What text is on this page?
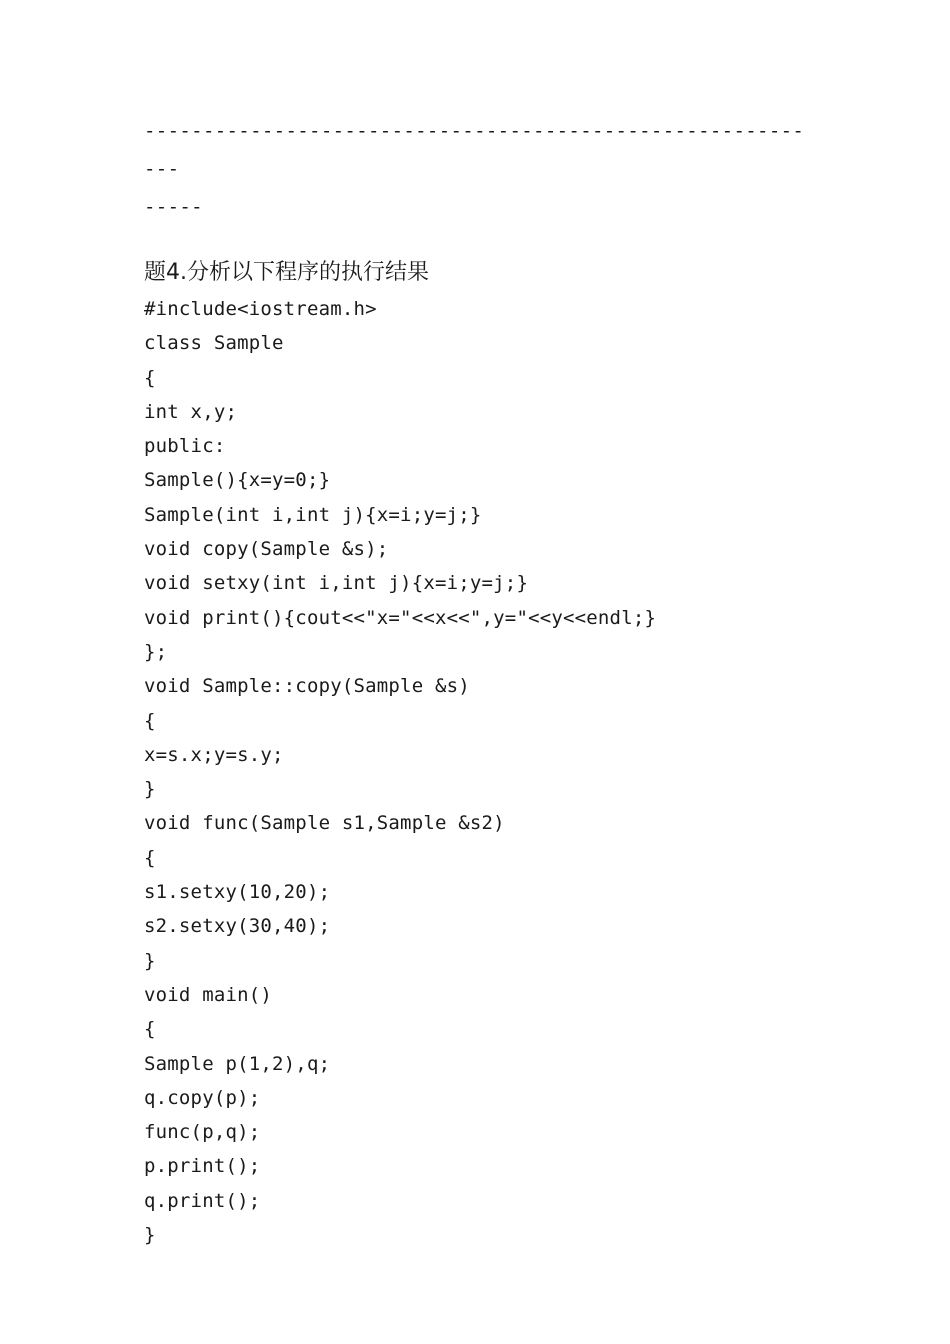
-----------------------------------------------------------
-----
题4.分析以下程序的执行结果
#include<iostream.h>
class Sample
{
int x,y;
public:
Sample(){x=y=0;}
Sample(int i,int j){x=i;y=j;}
void copy(Sample &s);
void setxy(int i,int j){x=i;y=j;}
void print(){cout<<"x="<<x<<",y="<<y<<endl;}
};
void Sample::copy(Sample &s)
{
x=s.x;y=s.y;
}
void func(Sample s1,Sample &s2)
{
s1.setxy(10,20);
s2.setxy(30,40);
}
void main()
{
Sample p(1,2),q;
q.copy(p);
func(p,q);
p.print();
q.print();
}
